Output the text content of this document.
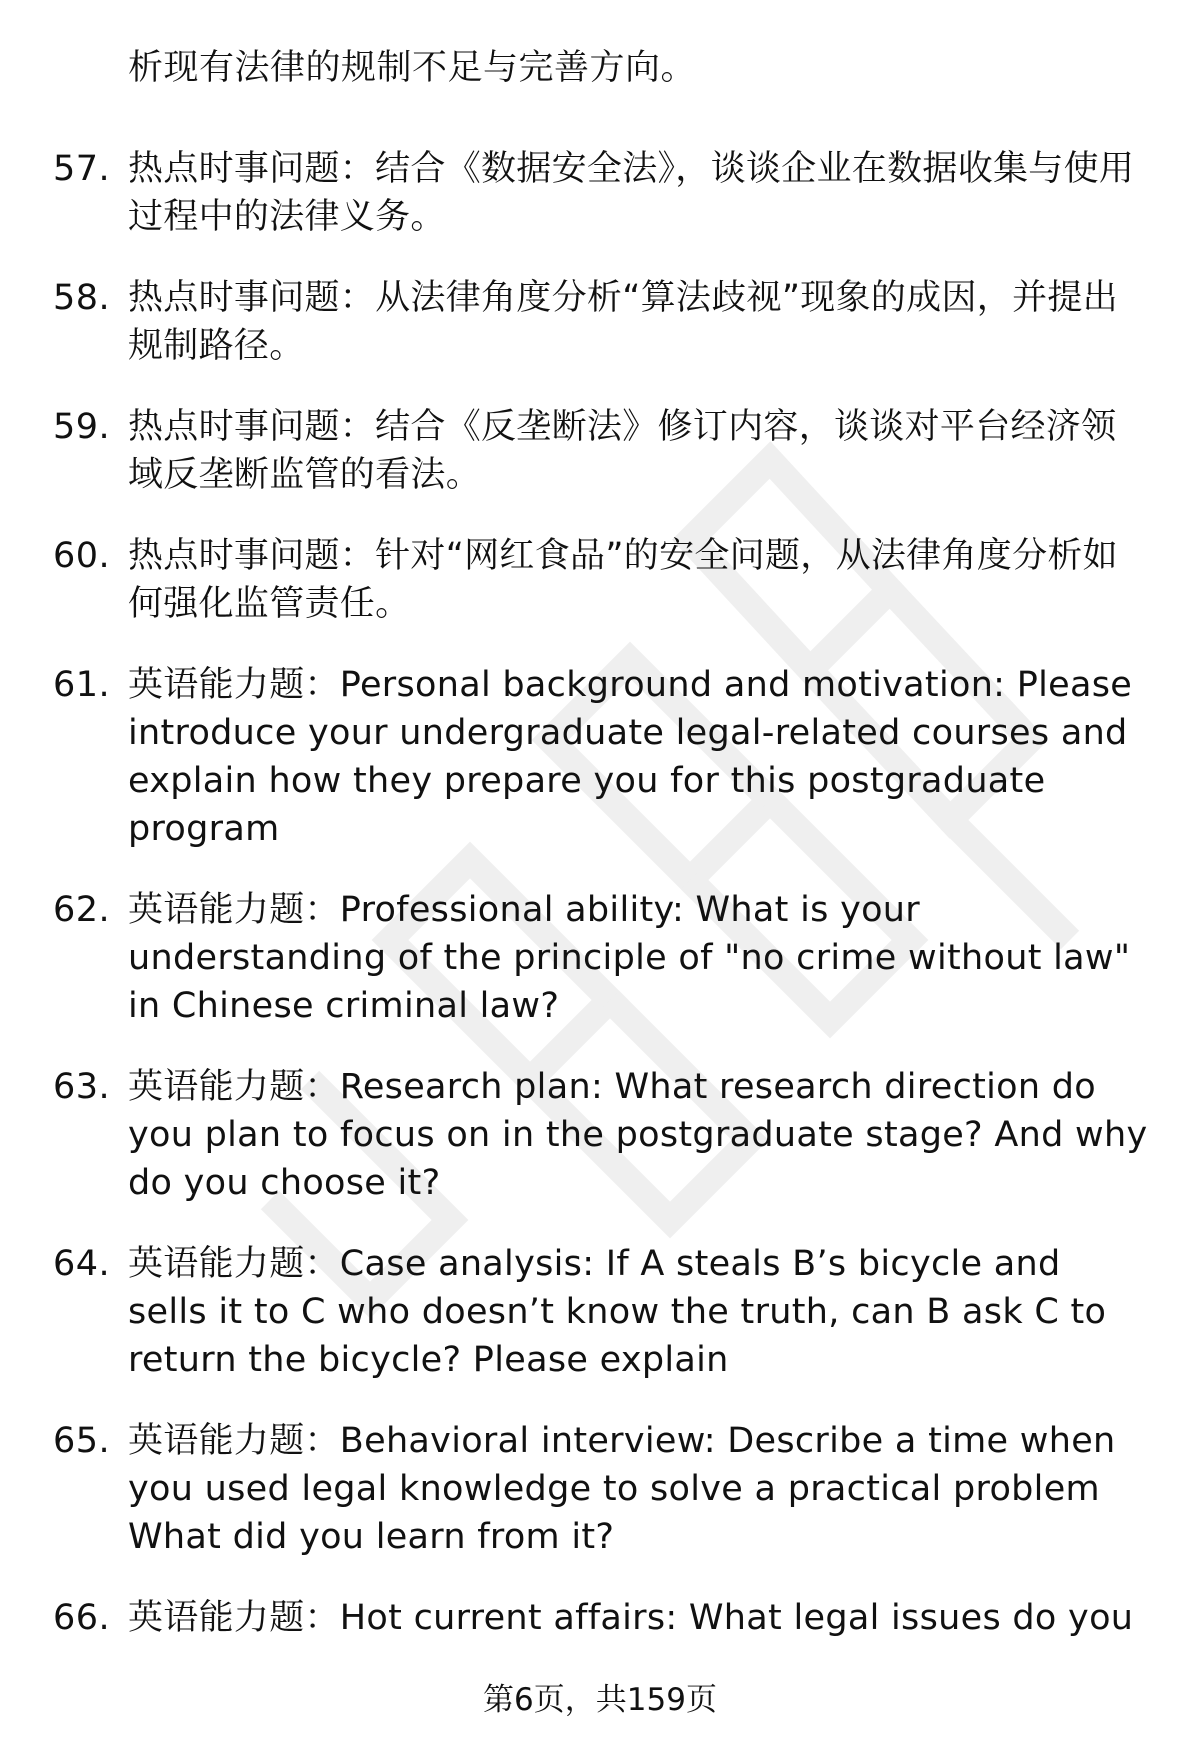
析现有法律的规制不足与完善方向。
57. 热点时事问题：结合《数据安全法》，谈谈企业在数据收集与使用过程中的法律义务。
58. 热点时事问题：从法律角度分析“算法歧视”现象的成因，并提出规制路径。
59. 热点时事问题：结合《反垄断法》修订内容，谈谈对平台经济领域反垄断监管的看法。
60. 热点时事问题：针对“网红食品”的安全问题，从法律角度分析如何强化监管责任。
61. 英语能力题：Personal background and motivation: Please introduce your undergraduate legal-related courses and explain how they prepare you for this postgraduate program
62. 英语能力题：Professional ability: What is your understanding of the principle of "no crime without law" in Chinese criminal law?
63. 英语能力题：Research plan: What research direction do you plan to focus on in the postgraduate stage? And why do you choose it?
64. 英语能力题：Case analysis: If A steals B’s bicycle and sells it to C who doesn’t know the truth, can B ask C to return the bicycle? Please explain
65. 英语能力题：Behavioral interview: Describe a time when you used legal knowledge to solve a practical problem What did you learn from it?
66. 英语能力题：Hot current affairs: What legal issues do you
第6页，共159页
